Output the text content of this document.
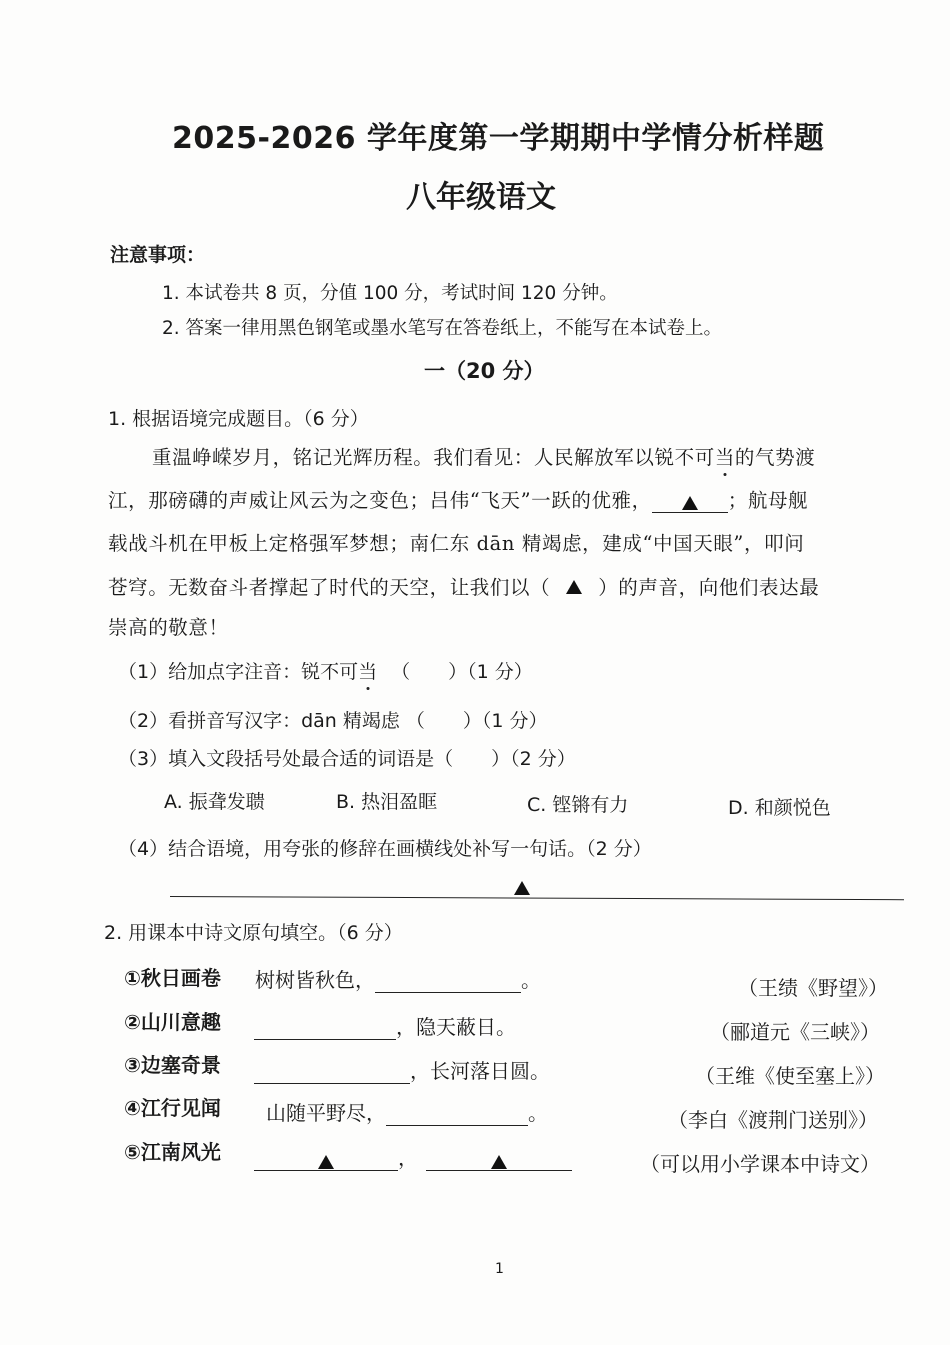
2025-2026 学年度第一学期期中学情分析样题
八年级语文
注意事项：
1. 本试卷共 8 页，分值 100 分，考试时间 120 分钟。
2. 答案一律用黑色钢笔或墨水笔写在答卷纸上，不能写在本试卷上。
一（20 分）
1. 根据语境完成题目。（6 分）
重温峥嵘岁月，铭记光辉历程。我们看见：人民解放军以锐不可当的气势渡
江，那磅礴的声威让风云为之变色；吕伟“飞天”一跃的优雅，	；航母舰
载战斗机在甲板上定格强军梦想；南仁东 dān 精竭虑，建成“中国天眼”，叩问
苍穹。无数奋斗者撑起了时代的天空，让我们以（ ）的声音，向他们表达最
崇高的敬意！
（1）给加点字注音：锐不可当 （　　）（1 分）
（2）看拼音写汉字：dān 精竭虑 （　　）（1 分）
（3）填入文段括号处最合适的词语是（　　）（2 分）
A. 振聋发聩	B. 热泪盈眶	C. 铿锵有力	D. 和颜悦色
（4）结合语境，用夸张的修辞在画横线处补写一句话。（2 分）
2. 用课本中诗文原句填空。（6 分）
①秋日画卷 树树皆秋色，	。	（王绩《野望》）
②山川意趣	，隐天蔽日。	（郦道元《三峡》）
③边塞奇景	，长河落日圆。	（王维《使至塞上》）
④江行见闻 山随平野尽，	。	（李白《渡荆门送别》）
⑤江南风光	，	（可以用小学课本中诗文）
1
